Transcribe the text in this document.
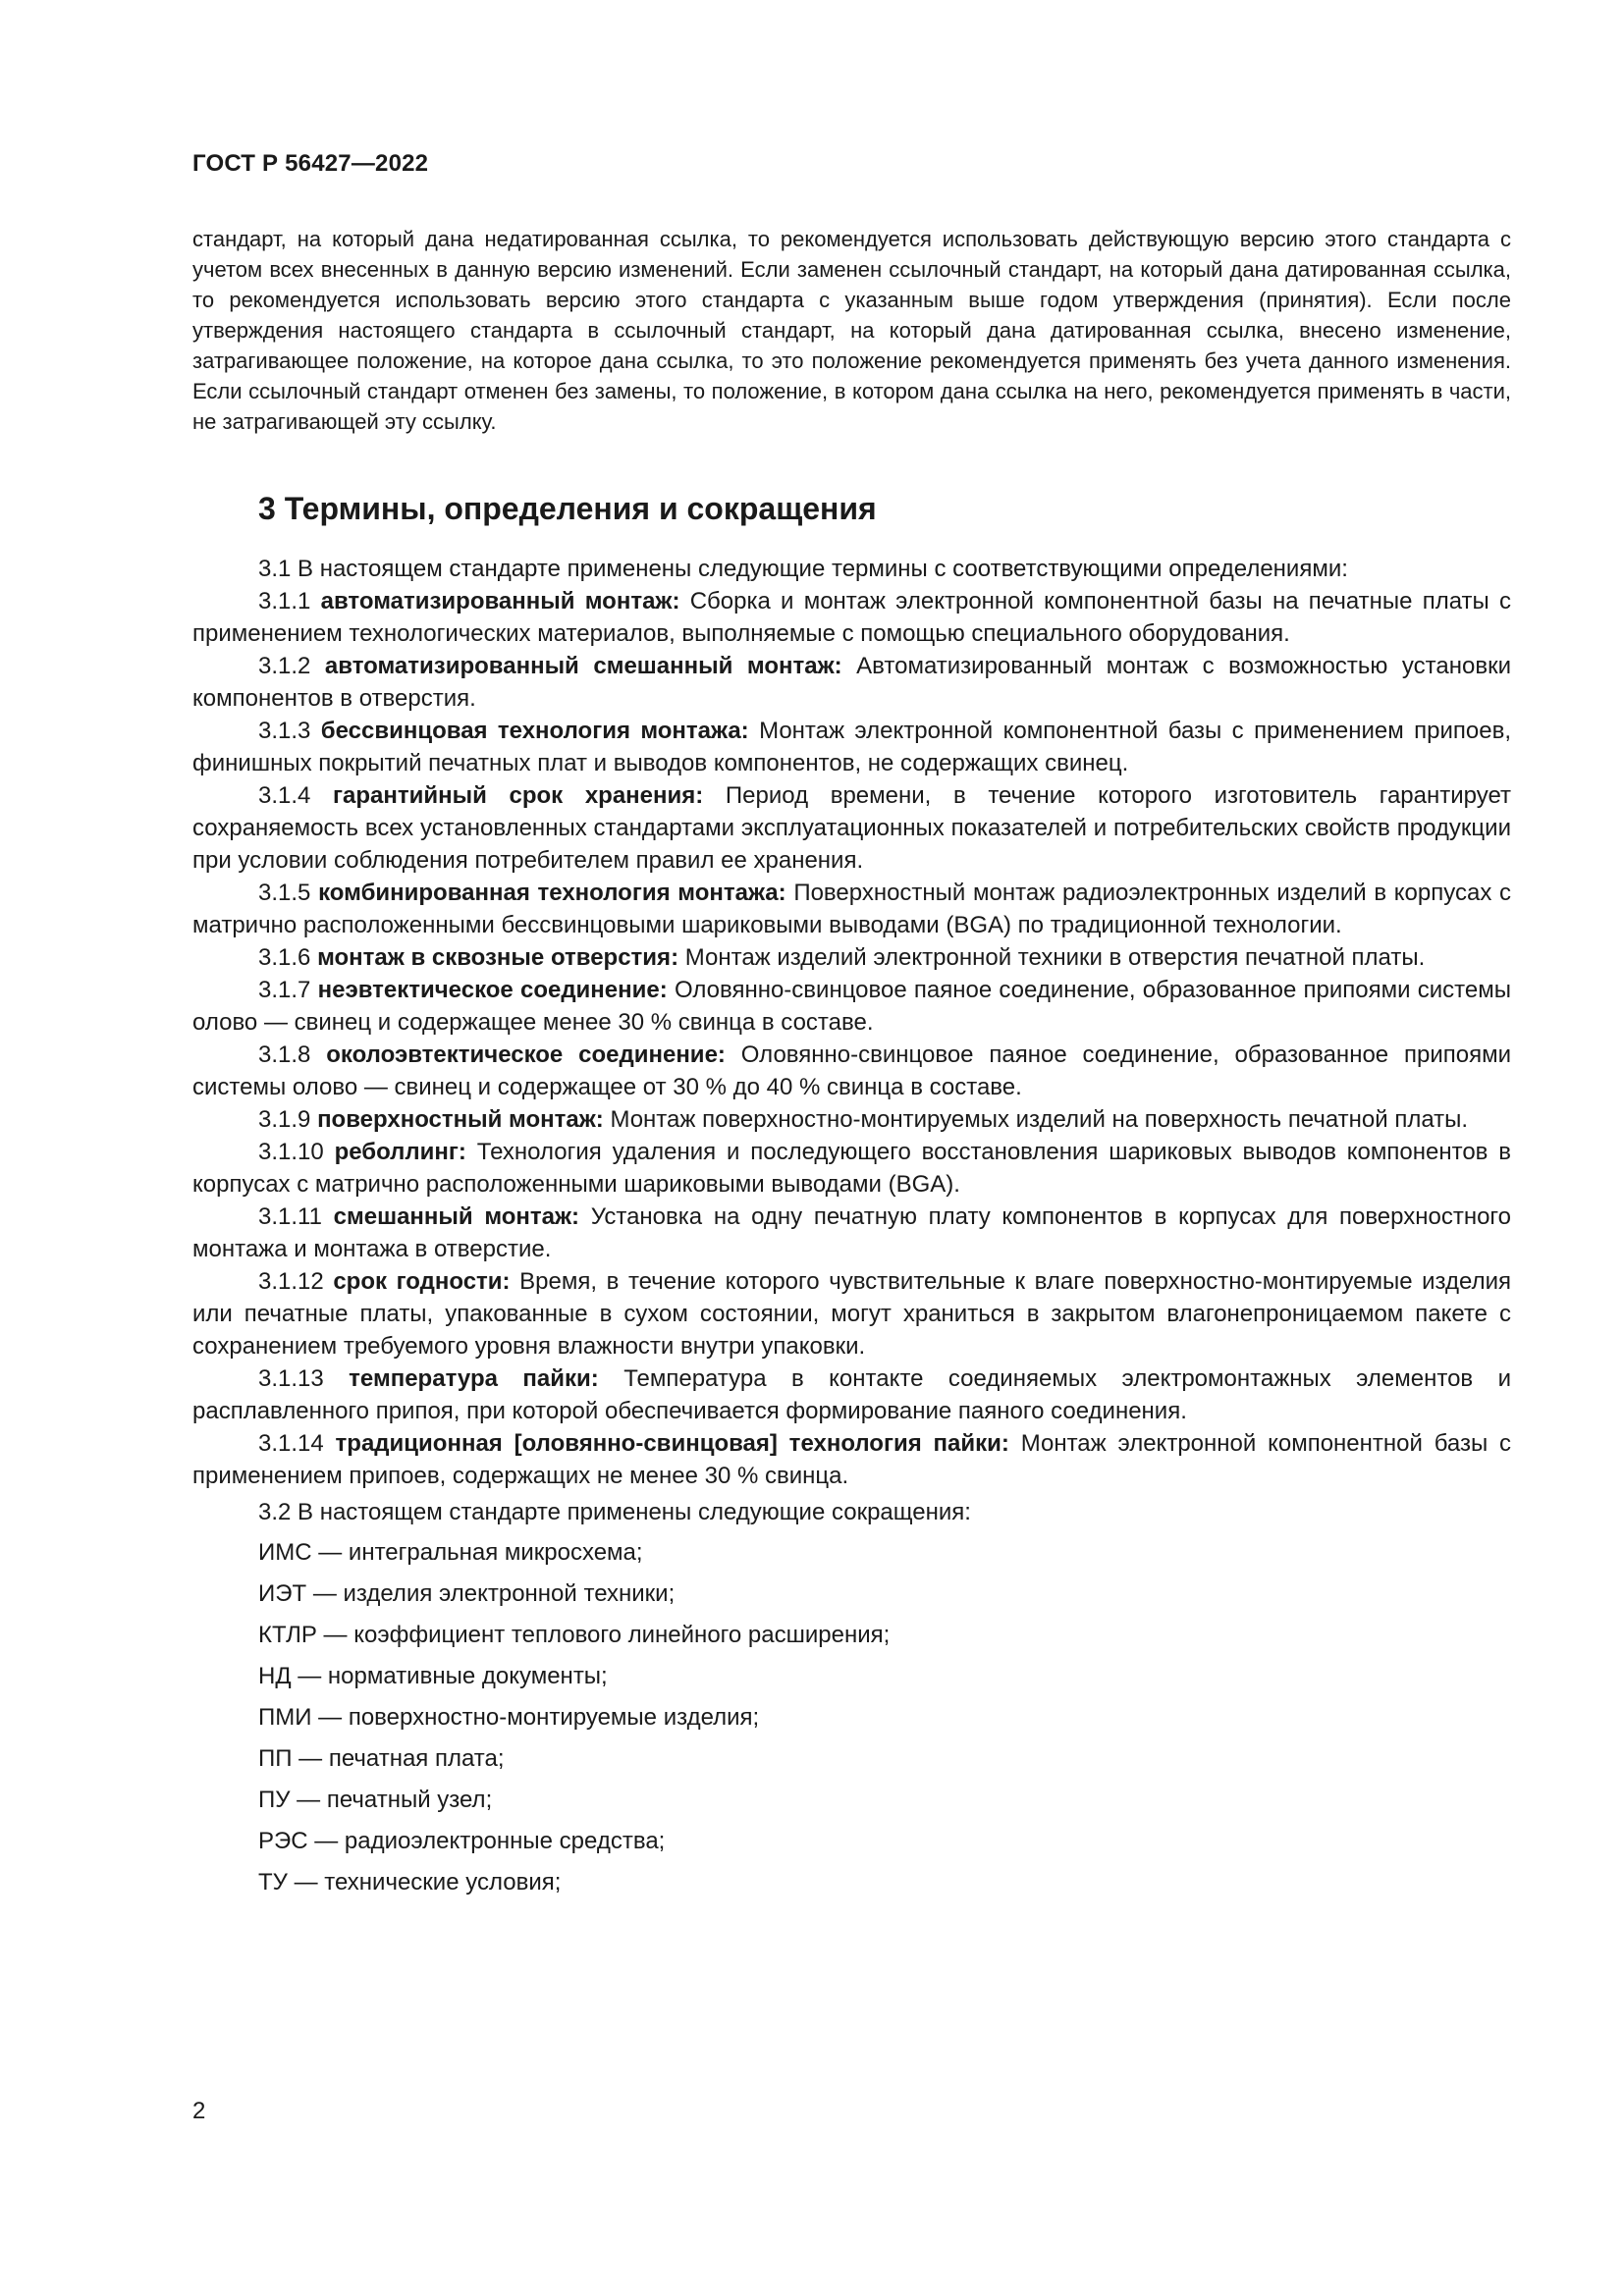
ГОСТ Р 56427—2022
стандарт, на который дана недатированная ссылка, то рекомендуется использовать действующую версию этого стандарта с учетом всех внесенных в данную версию изменений. Если заменен ссылочный стандарт, на который дана датированная ссылка, то рекомендуется использовать версию этого стандарта с указанным выше годом утверждения (принятия). Если после утверждения настоящего стандарта в ссылочный стандарт, на который дана датированная ссылка, внесено изменение, затрагивающее положение, на которое дана ссылка, то это положение рекомендуется применять без учета данного изменения. Если ссылочный стандарт отменен без замены, то положение, в котором дана ссылка на него, рекомендуется применять в части, не затрагивающей эту ссылку.
3 Термины, определения и сокращения

3.1 В настоящем стандарте применены следующие термины с соответствующими определениями:

3.1.1 автоматизированный монтаж: Сборка и монтаж электронной компонентной базы на печатные платы с применением технологических материалов, выполняемые с помощью специального оборудования.

3.1.2 автоматизированный смешанный монтаж: Автоматизированный монтаж с возможностью установки компонентов в отверстия.

3.1.3 бессвинцовая технология монтажа: Монтаж электронной компонентной базы с применением припоев, финишных покрытий печатных плат и выводов компонентов, не содержащих свинец.

3.1.4 гарантийный срок хранения: Период времени, в течение которого изготовитель гарантирует сохраняемость всех установленных стандартами эксплуатационных показателей и потребительских свойств продукции при условии соблюдения потребителем правил ее хранения.

3.1.5 комбинированная технология монтажа: Поверхностный монтаж радиоэлектронных изделий в корпусах с матрично расположенными бессвинцовыми шариковыми выводами (BGA) по традиционной технологии.

3.1.6 монтаж в сквозные отверстия: Монтаж изделий электронной техники в отверстия печатной платы.

3.1.7 неэвтектическое соединение: Оловянно-свинцовое паяное соединение, образованное припоями системы олово — свинец и содержащее менее 30 % свинца в составе.

3.1.8 околоэвтектическое соединение: Оловянно-свинцовое паяное соединение, образованное припоями системы олово — свинец и содержащее от 30 % до 40 % свинца в составе.

3.1.9 поверхностный монтаж: Монтаж поверхностно-монтируемых изделий на поверхность печатной платы.

3.1.10 реболлинг: Технология удаления и последующего восстановления шариковых выводов компонентов в корпусах с матрично расположенными шариковыми выводами (BGA).

3.1.11 смешанный монтаж: Установка на одну печатную плату компонентов в корпусах для поверхностного монтажа и монтажа в отверстие.

3.1.12 срок годности: Время, в течение которого чувствительные к влаге поверхностно-монтируемые изделия или печатные платы, упакованные в сухом состоянии, могут храниться в закрытом влагонепроницаемом пакете с сохранением требуемого уровня влажности внутри упаковки.

3.1.13 температура пайки: Температура в контакте соединяемых электромонтажных элементов и расплавленного припоя, при которой обеспечивается формирование паяного соединения.

3.1.14 традиционная [оловянно-свинцовая] технология пайки: Монтаж электронной компонентной базы с применением припоев, содержащих не менее 30 % свинца.

3.2 В настоящем стандарте применены следующие сокращения:

ИМС — интегральная микросхема;
ИЭТ — изделия электронной техники;
КТЛР — коэффициент теплового линейного расширения;
НД — нормативные документы;
ПМИ — поверхностно-монтируемые изделия;
ПП — печатная плата;
ПУ — печатный узел;
РЭС — радиоэлектронные средства;
ТУ — технические условия;
2
